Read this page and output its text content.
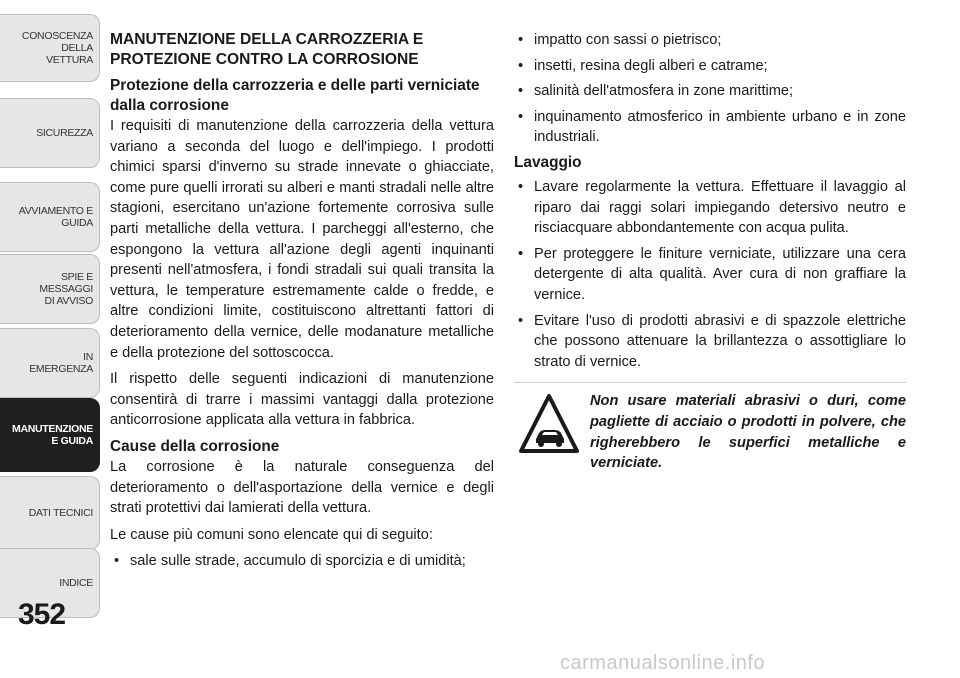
CONOSCENZA DELLA
VETTURA
SICUREZZA
AVVIAMENTO E
GUIDA
SPIE E
MESSAGGI
DI AVVISO
IN
EMERGENZA
MANUTENZIONE
E GUIDA
DATI TECNICI
INDICE
352
MANUTENZIONE DELLA CARROZZERIA E PROTEZIONE CONTRO LA CORROSIONE
Protezione della carrozzeria e delle parti verniciate dalla corrosione

I requisiti di manutenzione della carrozzeria della vettura variano a seconda del luogo e dell'impiego. I prodotti chimici sparsi d'inverno su strade innevate o ghiacciate, come pure quelli irrorati su alberi e manti stradali nelle altre stagioni, esercitano un'azione fortemente corrosiva sulle parti metalliche della vettura. I parcheggi all'esterno, che espongono la vettura all'azione degli agenti inquinanti presenti nell'atmosfera, i fondi stradali sui quali transita la vettura, le temperature estremamente calde o fredde, e altre condizioni limite, costituiscono altrettanti fattori di deterioramento della vernice, delle modanature metalliche e della protezione del sottoscocca.

Il rispetto delle seguenti indicazioni di manutenzione consentirà di trarre i massimi vantaggi dalla protezione anticorrosione applicata alla vettura in fabbrica.

Cause della corrosione

La corrosione è la naturale conseguenza del deterioramento o dell'asportazione della vernice e degli strati protettivi dai lamierati della vettura.

Le cause più comuni sono elencate qui di seguito:

• sale sulle strade, accumulo di sporcizia e di umidità;
• impatto con sassi o pietrisco;
• insetti, resina degli alberi e catrame;
• salinità dell'atmosfera in zone marittime;
• inquinamento atmosferico in ambiente urbano e in zone industriali.
Lavaggio
• Lavare regolarmente la vettura. Effettuare il lavaggio al riparo dai raggi solari impiegando detersivo neutro e risciacquare abbondantemente con acqua pulita.
• Per proteggere le finiture verniciate, utilizzare una cera detergente di alta qualità. Aver cura di non graffiare la vernice.
• Evitare l'uso di prodotti abrasivi e di spazzole elettriche che possono attenuare la brillantezza o assottigliare lo strato di vernice.
Non usare materiali abrasivi o duri, come pagliette di acciaio o prodotti in polvere, che righerebbero le superfici metalliche e verniciate.
carmanualsonline.info
